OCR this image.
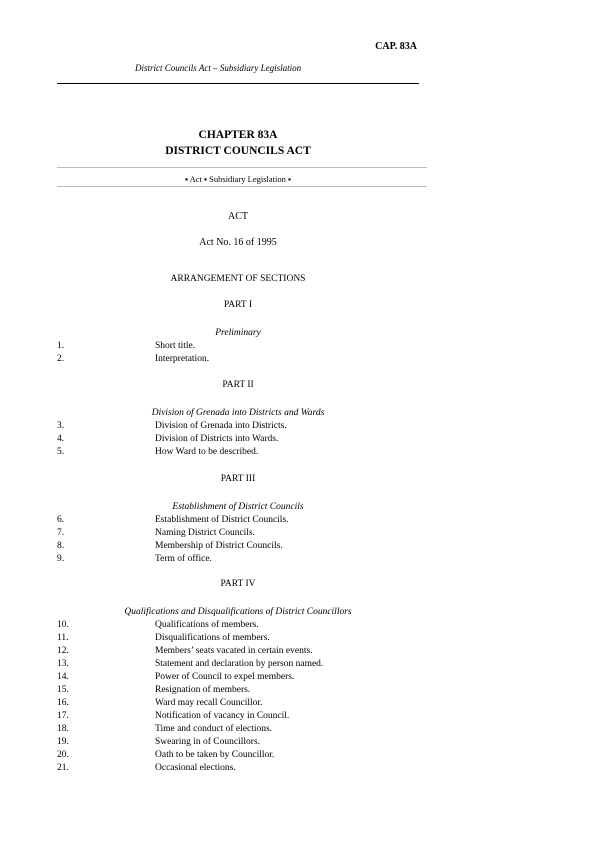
CAP. 83A
District Councils Act – Subsidiary Legislation
CHAPTER 83A
DISTRICT COUNCILS ACT
▪ Act ▪ Subsidiary Legislation ▪
ACT
Act No. 16 of 1995
ARRANGEMENT OF SECTIONS
PART I
Preliminary
1.	Short title.
2.	Interpretation.
PART II
Division of Grenada into Districts and Wards
3.	Division of Grenada into Districts.
4.	Division of Districts into Wards.
5.	How Ward to be described.
PART III
Establishment of District Councils
6.	Establishment of District Councils.
7.	Naming District Councils.
8.	Membership of District Councils.
9.	Term of office.
PART IV
Qualifications and Disqualifications of District Councillors
10.	Qualifications of members.
11.	Disqualifications of members.
12.	Members’ seats vacated in certain events.
13.	Statement and declaration by person named.
14.	Power of Council to expel members.
15.	Resignation of members.
16.	Ward may recall Councillor.
17.	Notification of vacancy in Council.
18.	Time and conduct of elections.
19.	Swearing in of Councillors.
20.	Oath to be taken by Councillor.
21.	Occasional elections.
